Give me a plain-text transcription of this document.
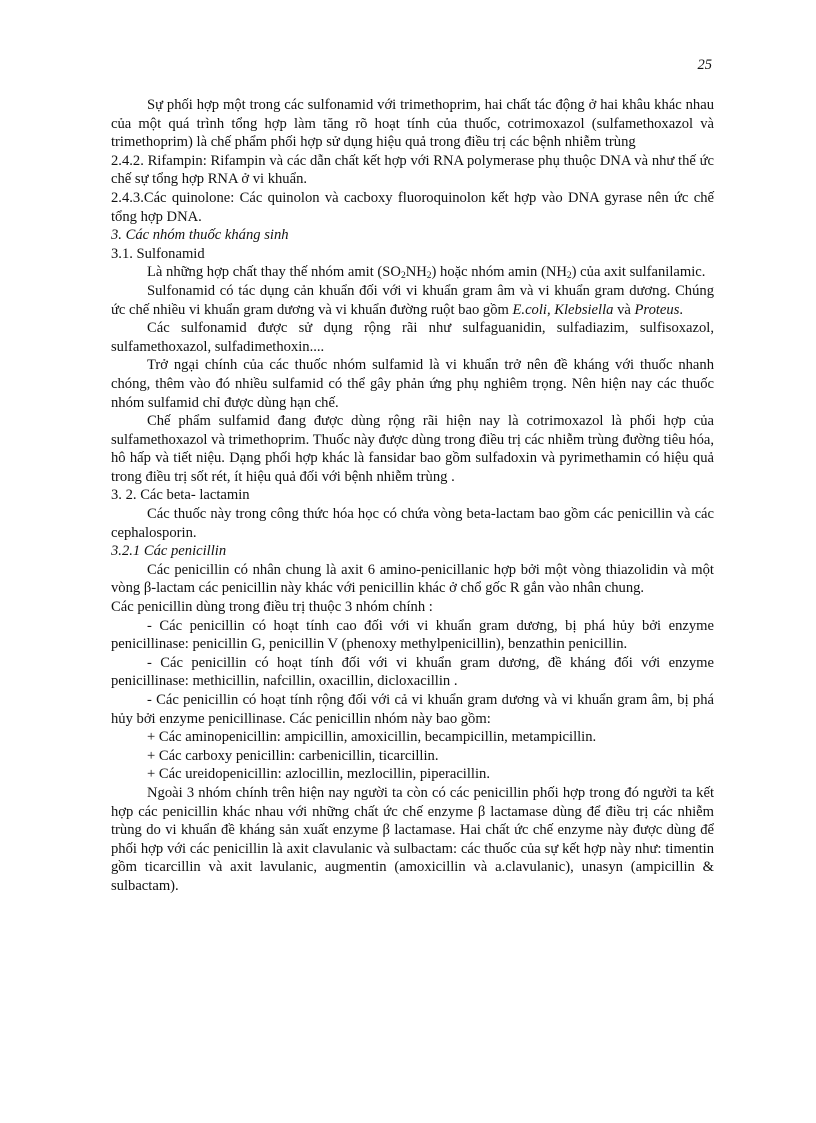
25

Sự phối hợp một trong các sulfonamid với trimethoprim, hai chất tác động ở hai khâu khác nhau của một quá trình tổng hợp làm tăng rõ hoạt tính của thuốc, cotrimoxazol (sulfamethoxazol và trimethoprim) là chế phẩm phối hợp sử dụng hiệu quả trong điều trị các bệnh nhiễm trùng

2.4.2. Rifampin: Rifampin và các dẫn chất kết hợp với RNA polymerase phụ thuộc DNA và như thế ức chế sự tổng hợp RNA ở vi khuẩn.

2.4.3.Các quinolone: Các quinolon và cacboxy fluoroquinolon kết hợp vào DNA gyrase nên ức chế tổng hợp DNA.

3. Các nhóm thuốc kháng sinh

3.1. Sulfonamid

Là những hợp chất thay thế nhóm amit $(SO_2NH_2)$ hoặc nhóm amin $(NH_2)$ của axit sulfanilamic.

Sulfonamid có tác dụng cản khuẩn đối với vi khuẩn gram âm và vi khuẩn gram dương. Chúng ức chế nhiều vi khuẩn gram dương và vi khuẩn đường ruột bao gồm E.coli, Klebsiella và Proteus.

Các sulfonamid được sử dụng rộng rãi như sulfaguanidin, sulfadiazim, sulfisoxazol, sulfamethoxazol, sulfadimethoxin....

Trở ngại chính của các thuốc nhóm sulfamid là vi khuẩn trở nên đề kháng với thuốc nhanh chóng, thêm vào đó nhiều sulfamid có thể gây phản ứng phụ nghiêm trọng. Nên hiện nay các thuốc nhóm sulfamid chỉ được dùng hạn chế.

Chế phẩm sulfamid đang được dùng rộng rãi hiện nay là cotrimoxazol là phối hợp của sulfamethoxazol và trimethoprim. Thuốc này được dùng trong điều trị các nhiễm trùng đường tiêu hóa, hô hấp và tiết niệu. Dạng phối hợp khác là fansidar bao gồm sulfadoxin và pyrimethamin có hiệu quả trong điều trị sốt rét, ít hiệu quả đối với bệnh nhiễm trùng .

3. 2. Các beta- lactamin

Các thuốc này trong công thức hóa học có chứa vòng beta-lactam bao gồm các penicillin và các cephalosporin.

3.2.1 Các penicillin

Các penicillin có nhân chung là axit 6 amino-penicillanic hợp bởi một vòng thiazolidin và một vòng β-lactam các penicillin này khác với penicillin khác ở chổ gốc R gắn vào nhân chung.

Các penicillin dùng trong điều trị thuộc 3 nhóm chính :

- Các penicillin có hoạt tính cao đối với vi khuẩn gram dương, bị phá hủy bởi enzyme penicillinase: penicillin G, penicillin V (phenoxy methylpenicillin), benzathin penicillin.

- Các penicillin có hoạt tính đối với vi khuẩn gram dương, đề kháng đối với enzyme penicillinase: methicillin, nafcillin, oxacillin, dicloxacillin .

- Các penicillin có hoạt tính rộng đối với cả vi khuẩn gram dương và vi khuẩn gram âm, bị phá hủy bởi enzyme penicillinase. Các penicillin nhóm này bao gồm:

+ Các aminopenicillin: ampicillin, amoxicillin, becampicillin, metampicillin.

+ Các carboxy penicillin: carbenicillin, ticarcillin.

+ Các ureidopenicillin: azlocillin, mezlocillin, piperacillin.

Ngoài 3 nhóm chính trên hiện nay người ta còn có các penicillin phối hợp trong đó người ta kết hợp các penicillin khác nhau với những chất ức chế enzyme β lactamase dùng để điều trị các nhiễm trùng do vi khuẩn đề kháng sản xuất enzyme β lactamase. Hai chất ức chế enzyme này được dùng để phối hợp với các penicillin là axit clavulanic và sulbactam: các thuốc của sự kết hợp này như: timentin gồm ticarcillin và axit lavulanic, augmentin (amoxicillin và a.clavulanic), unasyn (ampicillin & sulbactam).
